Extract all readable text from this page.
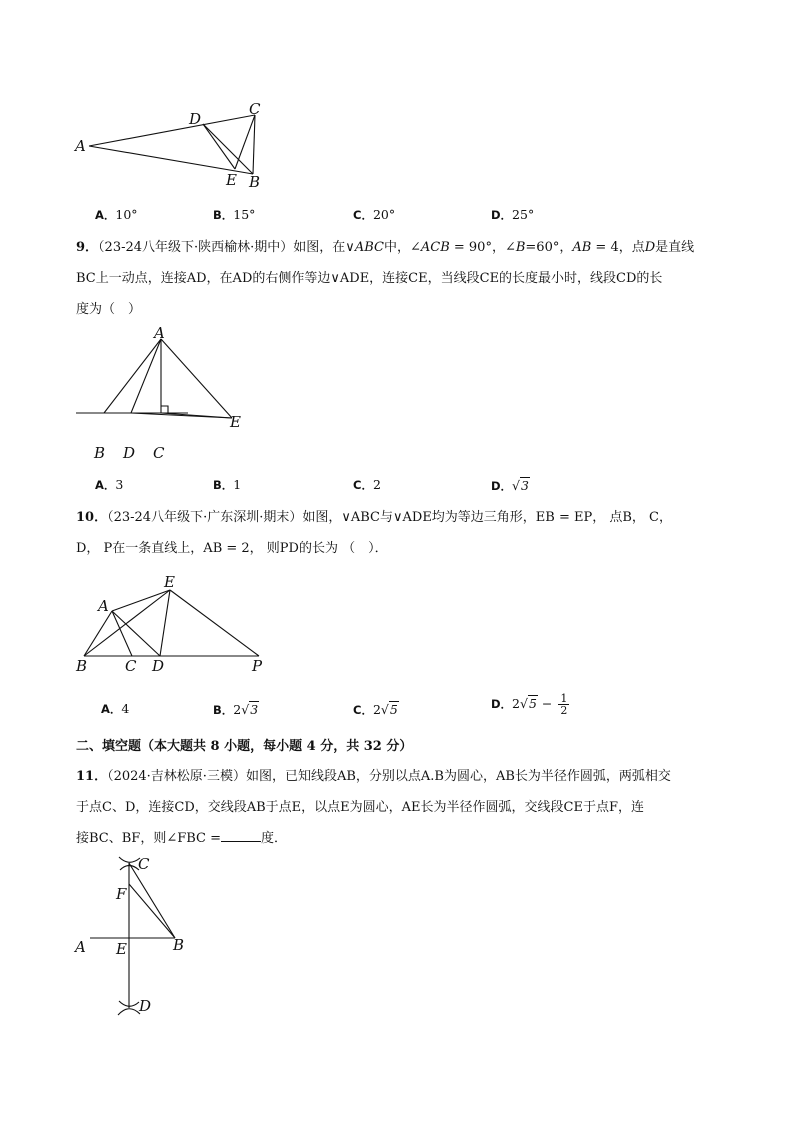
A
D
C
E B
A．10°	B．15°	C．20°	D．25°
9．（23-24八年级下·陕西榆林·期中）如图，在∨ABC中，∠ACB = 90°，∠B=60°，AB = 4，点D是直线
BC上一动点，连接AD，在AD的右侧作等边∨ADE，连接CE，当线段CE的长度最小时，线段CD的长
度为（　）
A
E
B D C
A．3	B．1	C．2	D．√3
10．（23-24八年级下·广东深圳·期末）如图，∨ABC与∨ADE均为等边三角形，EB = EP， 点B， C，
D， P在一条直线上，AB = 2， 则PD的长为 （　）．
A
E
B	C D	P
A．4	B．2√3	C．2√5	D．$2√5 - \frac{1}{2}$
二、填空题（本大题共 8 小题，每小题 4 分，共 32 分）
11．（2024·吉林松原·三模）如图，已知线段AB，分别以点A.B为圆心，AB长为半径作圆弧，两弧相交
于点C、D，连接CD，交线段AB于点E，以点E为圆心，AE长为半径作圆弧，交线段CE于点F，连
接BC、BF，则∠FBC =	度．
C
F
A E	B
D
